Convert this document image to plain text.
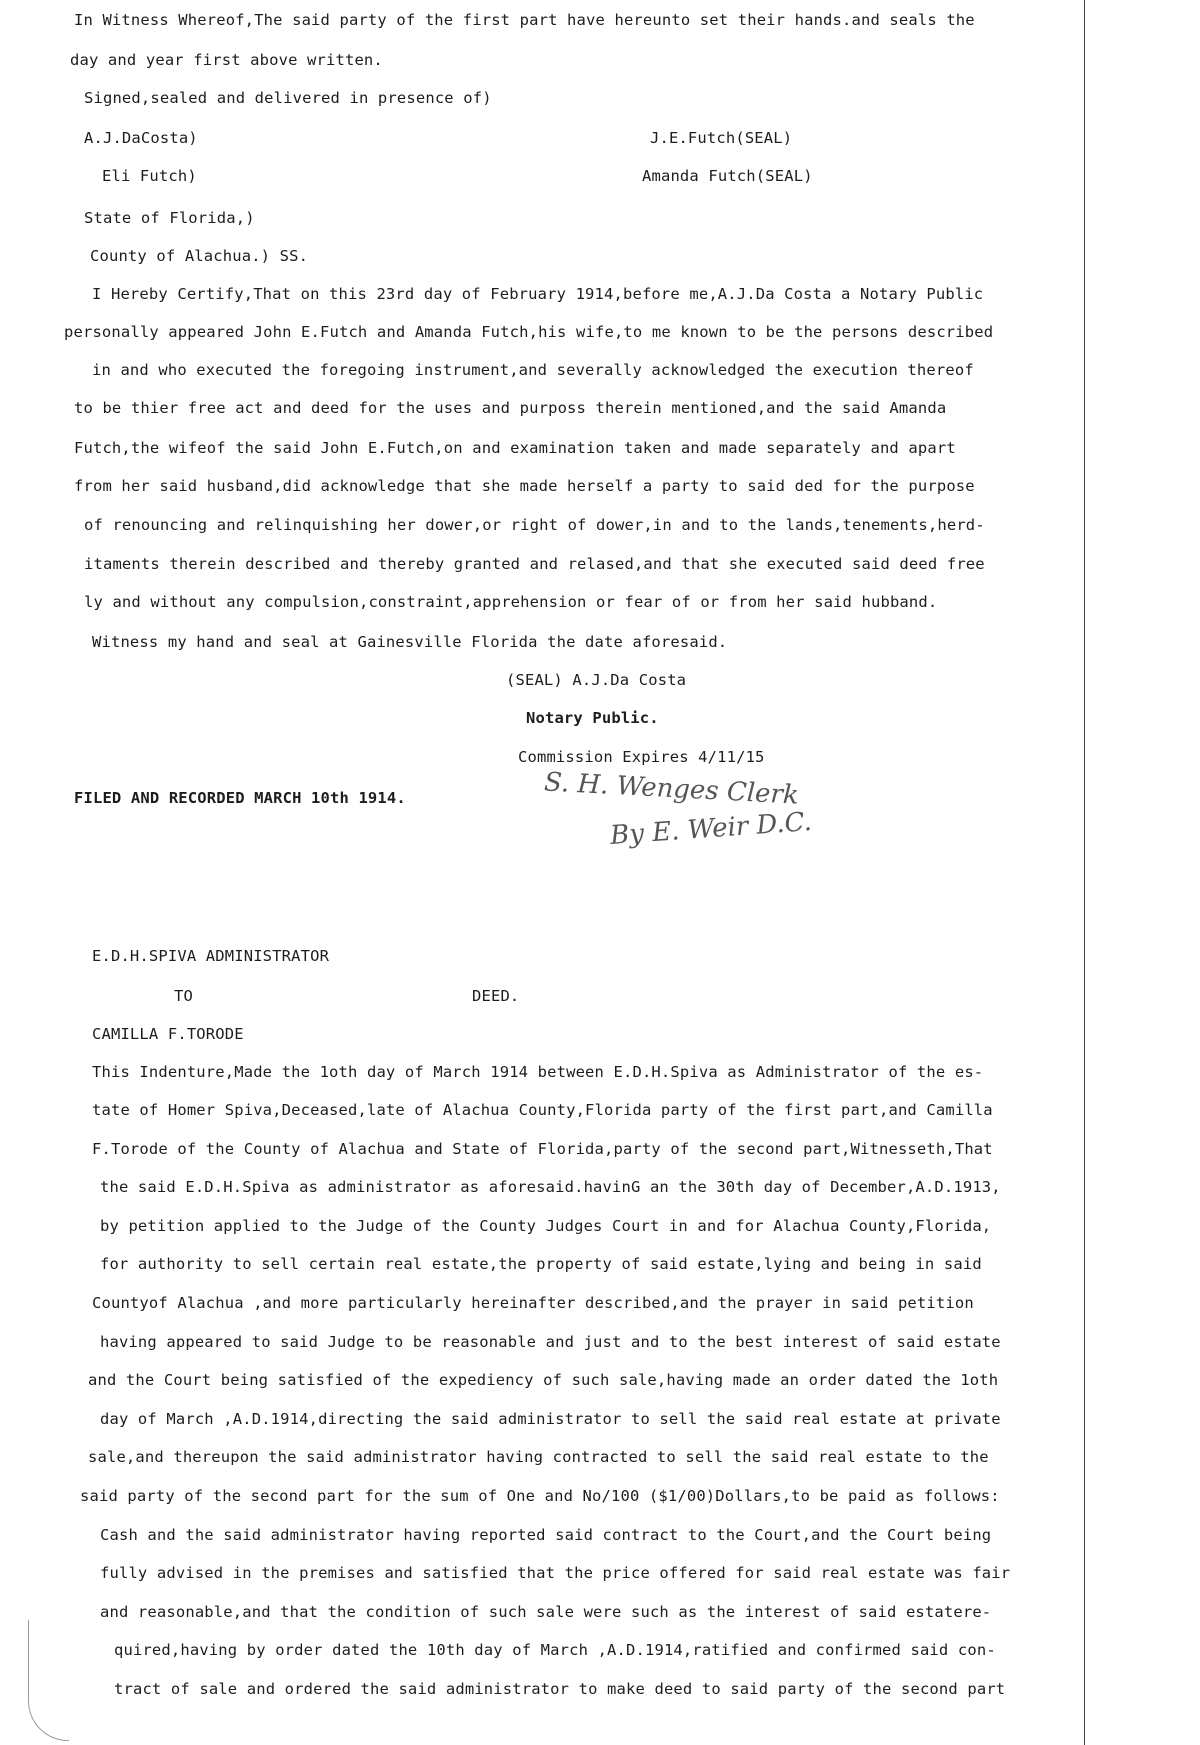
In Witness Whereof,The said party of the first part have hereunto set their hands.and seals the
day and year first above written.
Signed,sealed and delivered in presence of)
A.J.DaCosta)	J.E.Futch(SEAL)
Eli Futch)	Amanda Futch(SEAL)
State of Florida,)
County of Alachua.) SS.
I Hereby Certify,That on this 23rd day of February 1914,before me,A.J.Da Costa a Notary Public
personally appeared John E.Futch and Amanda Futch,his wife,to me known to be the persons described
in and who executed the foregoing instrument,and severally acknowledged the execution thereof
to be thier free act and deed for the uses and purposs therein mentioned,and the said Amanda
Futch,the wifeof the said John E.Futch,on and examination taken and made separately and apart
from her said husband,did acknowledge that she made herself a party to said ded for the purpose
of renouncing and relinquishing her dower,or right of dower,in and to the lands,tenements,herd-
itaments therein described and thereby granted and relased,and that she executed said deed free
ly and without any compulsion,constraint,apprehension or fear of or from her said hubband.
Witness my hand and seal at Gainesville Florida the date aforesaid.
(SEAL) A.J.Da Costa
Notary Public.
Commission Expires 4/11/15
FILED AND RECORDED MARCH 10th 1914.	S. H. Wenges Clerk
By E. Weir D.C.
E.D.H.SPIVA ADMINISTRATOR
TO	DEED.
CAMILLA F.TORODE
This Indenture,Made the 1oth day of March 1914 between E.D.H.Spiva as Administrator of the es-
tate of Homer Spiva,Deceased,late of Alachua County,Florida party of the first part,and Camilla
F.Torode of the County of Alachua and State of Florida,party of the second part,Witnesseth,That
the said E.D.H.Spiva as administrator as aforesaid.havinG an the 30th day of December,A.D.1913,
by petition applied to the Judge of the County Judges Court in and for Alachua County,Florida,
for authority to sell certain real estate,the property of said estate,lying and being in said
Countyof Alachua ,and more particularly hereinafter described,and the prayer in said petition
having appeared to said Judge to be reasonable and just and to the best interest of said estate
and the Court being satisfied of the expediency of such sale,having made an order dated the 1oth
day of March ,A.D.1914,directing the said administrator to sell the said real estate at private
sale,and thereupon the said administrator having contracted to sell the said real estate to the
said party of the second part for the sum of One and No/100 ($1/00)Dollars,to be paid as follows:
Cash and the said administrator having reported said contract to the Court,and the Court being
fully advised in the premises and satisfied that the price offered for said real estate was fair
and reasonable,and that the condition of such sale were such as the interest of said estatere-
quired,having by order dated the 10th day of March ,A.D.1914,ratified and confirmed said con-
tract of sale and ordered the said administrator to make deed to said party of the second part
